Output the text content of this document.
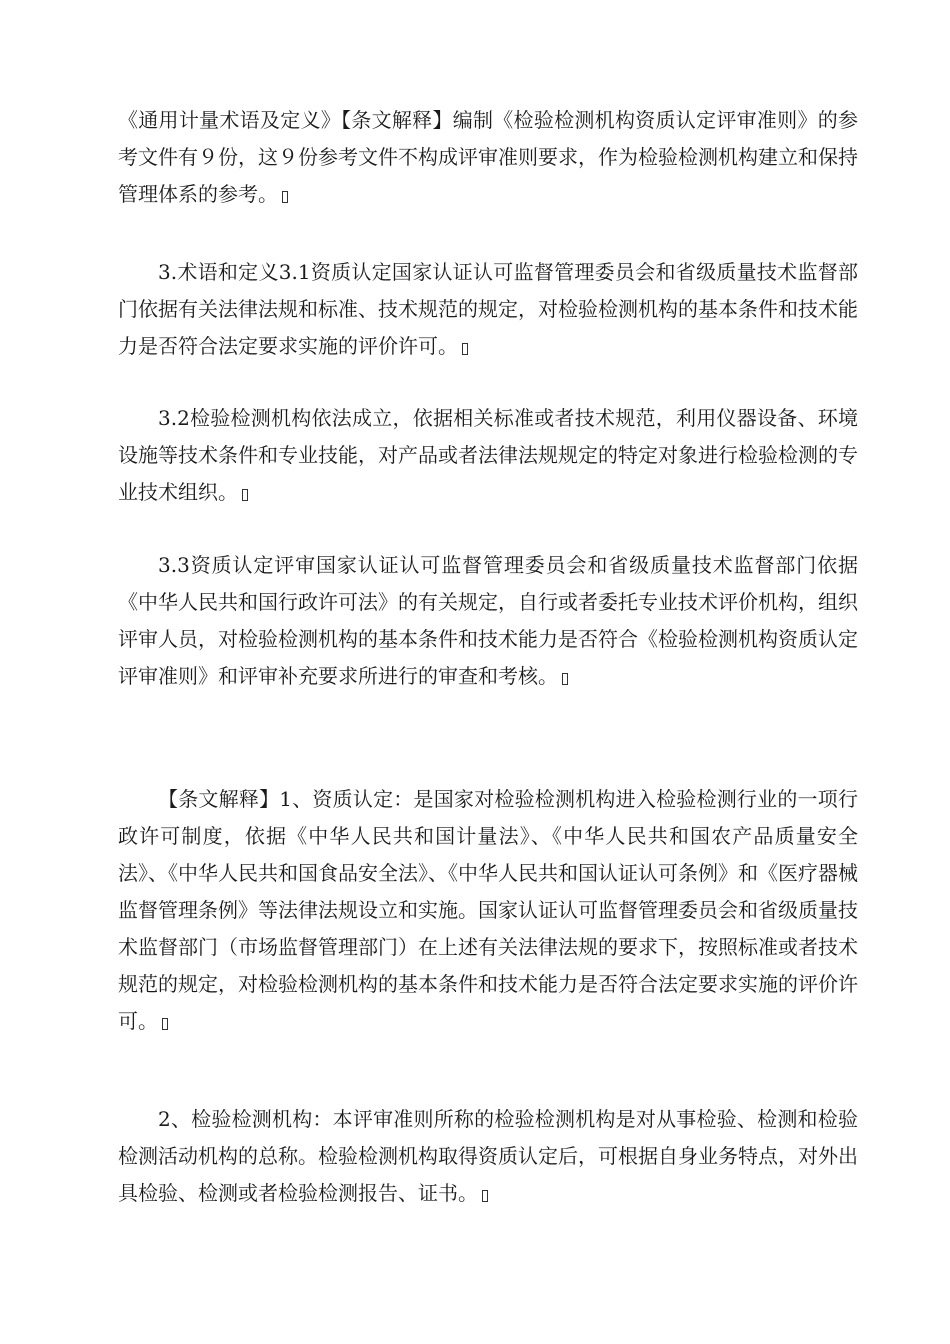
《通用计量术语及定义》【条文解释】编制《检验检测机构资质认定评审准则》的参考文件有９份，这９份参考文件不构成评审准则要求，作为检验检测机构建立和保持管理体系的参考。

3.术语和定义3.1资质认定国家认证认可监督管理委员会和省级质量技术监督部门依据有关法律法规和标准、技术规范的规定，对检验检测机构的基本条件和技术能力是否符合法定要求实施的评价许可。

3.2检验检测机构依法成立，依据相关标准或者技术规范，利用仪器设备、环境设施等技术条件和专业技能，对产品或者法律法规规定的特定对象进行检验检测的专业技术组织。

3.3资质认定评审国家认证认可监督管理委员会和省级质量技术监督部门依据《中华人民共和国行政许可法》的有关规定，自行或者委托专业技术评价机构，组织评审人员，对检验检测机构的基本条件和技术能力是否符合《检验检测机构资质认定评审准则》和评审补充要求所进行的审查和考核。

【条文解释】1、资质认定：是国家对检验检测机构进入检验检测行业的一项行政许可制度，依据《中华人民共和国计量法》、《中华人民共和国农产品质量安全法》、《中华人民共和国食品安全法》、《中华人民共和国认证认可条例》和《医疗器械监督管理条例》等法律法规设立和实施。国家认证认可监督管理委员会和省级质量技术监督部门（市场监督管理部门）在上述有关法律法规的要求下，按照标准或者技术规范的规定，对检验检测机构的基本条件和技术能力是否符合法定要求实施的评价许可。

2、检验检测机构：本评审准则所称的检验检测机构是对从事检验、检测和检验检测活动机构的总称。检验检测机构取得资质认定后，可根据自身业务特点，对外出具检验、检测或者检验检测报告、证书。
